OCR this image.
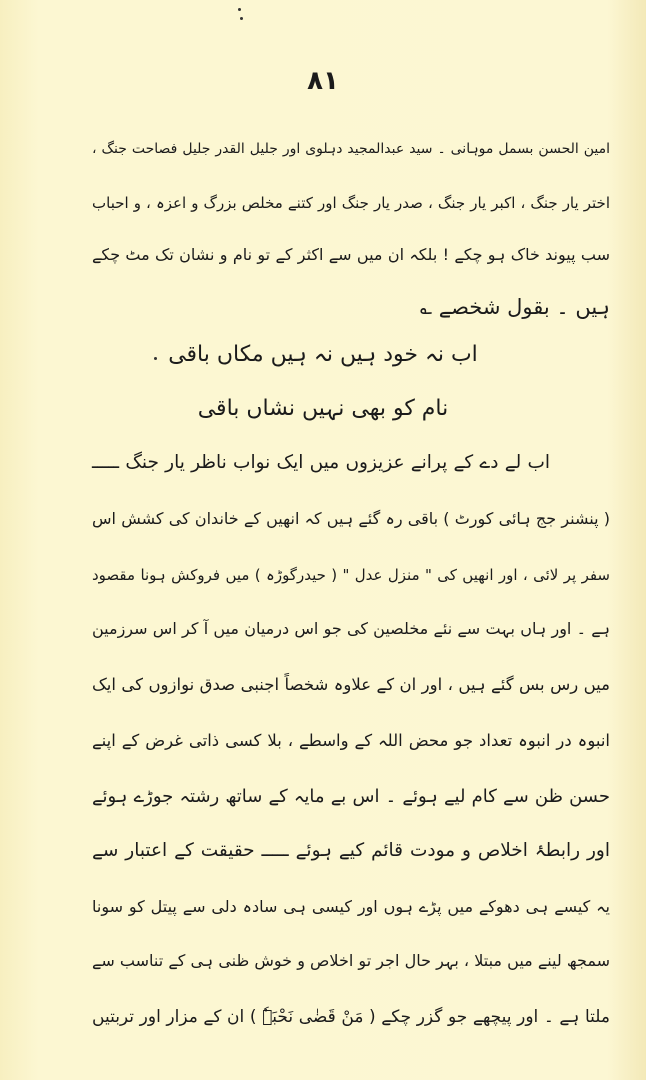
٨١
امین الحسن بسمل موہانی ۔ سید عبدالمجید دہلوی اور جلیل القدر جلیل فصاحت جنگ ،
اختر یار جنگ ، اکبر یار جنگ ، صدر یار جنگ اور کتنے مخلص بزرگ و اعزہ ، و احباب
سب پیوند خاک ہو چکے ! بلکہ ان میں سے اکثر کے تو نام و نشان تک مٹ چکے
ہیں ۔ بقول شخصے ؎
اب نہ خود ہیں نہ ہیں مکاں باقی
نام کو بھی نہیں نشاں باقی
اب لے دے کے پرانے عزیزوں میں ایک نواب ناظر یار جنگ ـــــ
( پنشنر جج ہائی کورٹ ) باقی رہ گئے ہیں کہ انھیں کے خاندان کی کشش اس
سفر پر لائی ، اور انھیں کی " منزل عدل " ( حیدرگوڑہ ) میں فروکش ہونا مقصود
ہے ۔ اور ہاں بہت سے نئے مخلصین کی جو اس درمیان میں آ کر اس سرزمین
میں رس بس گئے ہیں ، اور ان کے علاوہ شخصاً اجنبی صدق نوازوں کی ایک
انبوہ در انبوہ تعداد جو محض اللہ کے واسطے ، بلا کسی ذاتی غرض کے اپنے
حسن ظن سے کام لیے ہوئے ۔ اس بے مایہ کے ساتھ رشتہ جوڑے ہوئے
اور رابطۂ اخلاص و مودت قائم کیے ہوئے ـــــ حقیقت کے اعتبار سے
یہ کیسے ہی دھوکے میں پڑے ہوں اور کیسی ہی سادہ دلی سے پیتل کو سونا
سمجھ لینے میں مبتلا ، بہر حال اجر تو اخلاص و خوش ظنی ہی کے تناسب سے
ملتا ہے ۔ اور پیچھے جو گزر چکے ( مَنْ قَضٰی نَحْبَہٗ ) ان کے مزار اور تربتیں
